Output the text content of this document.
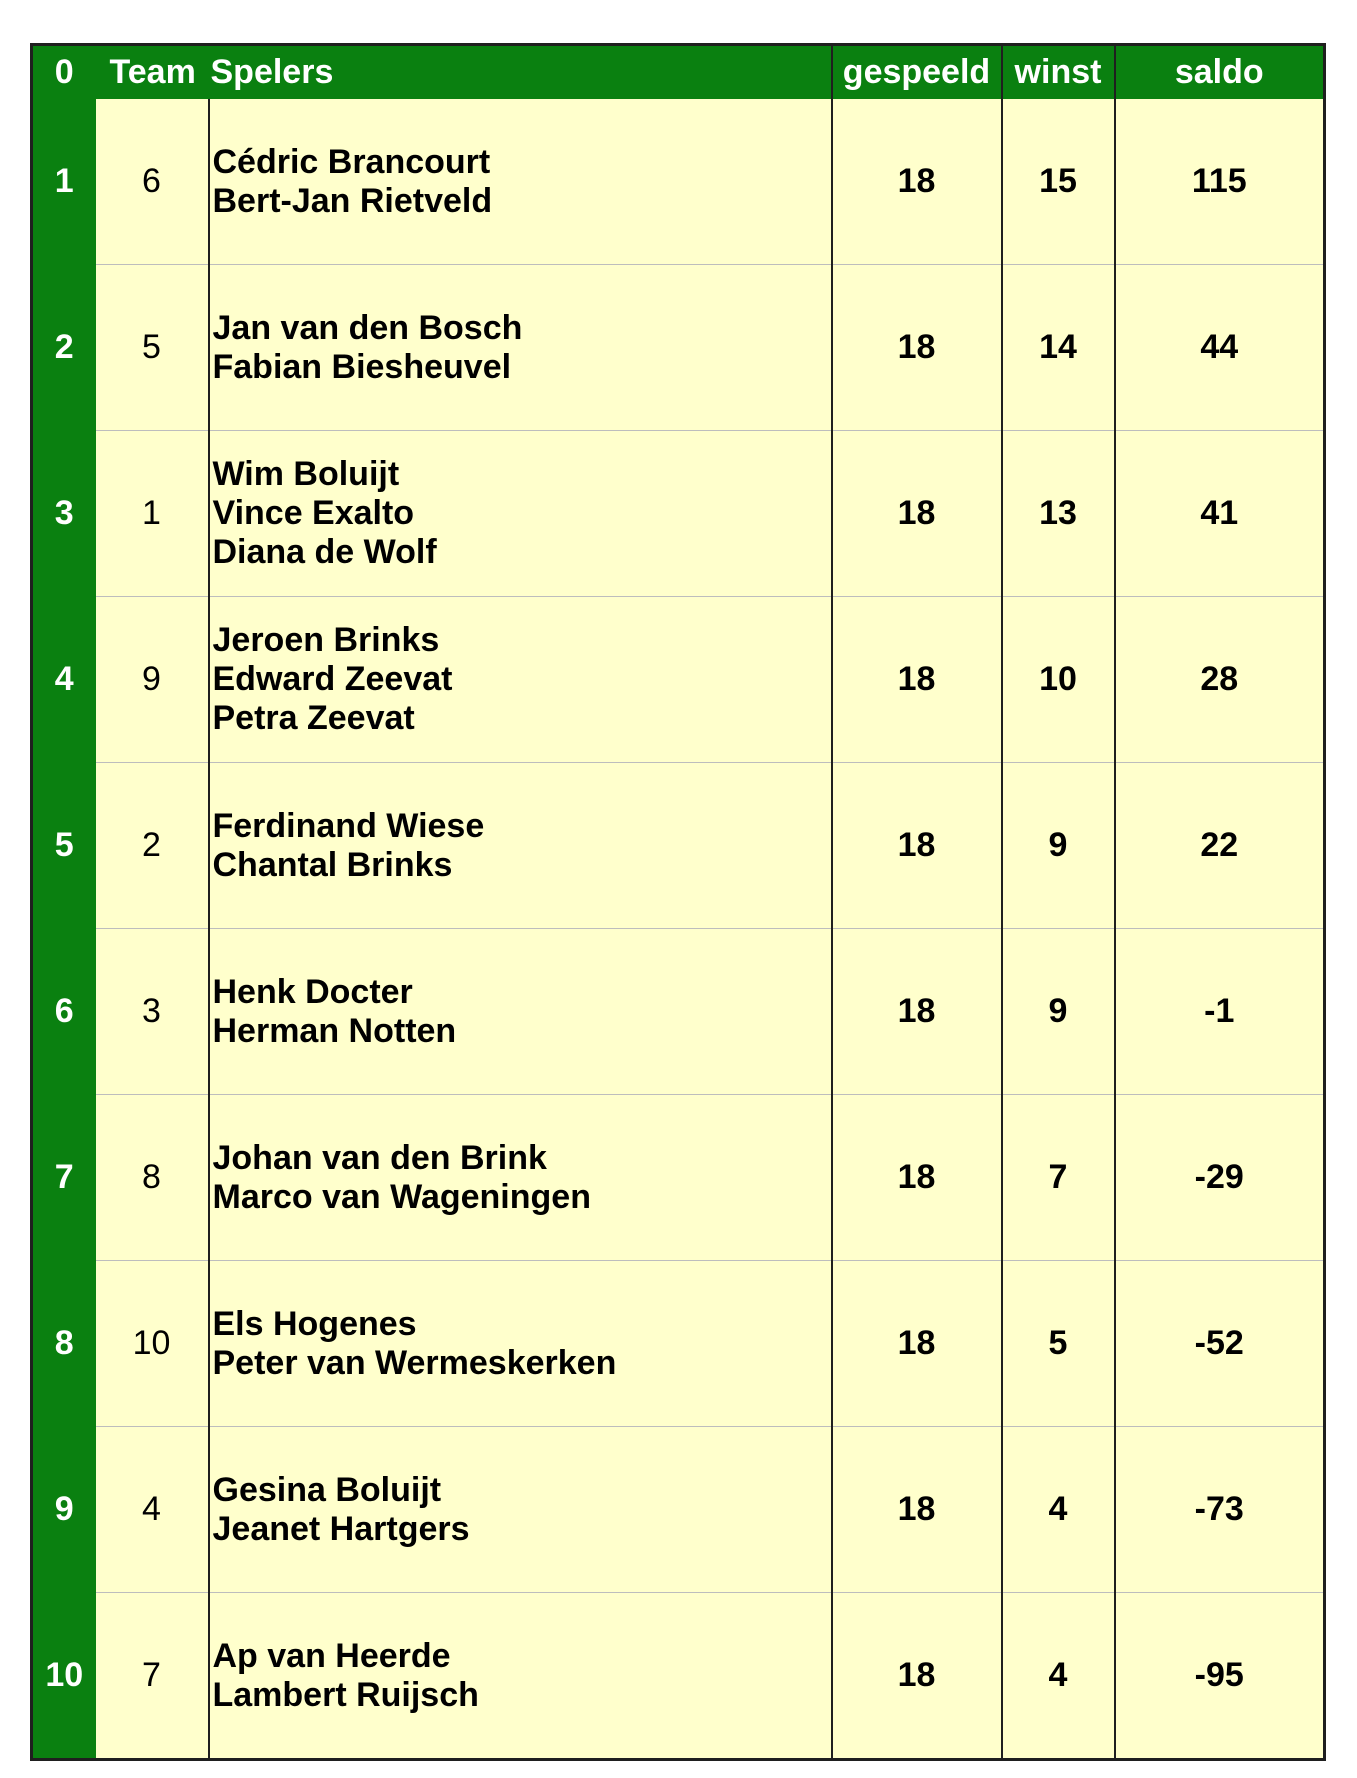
0	Team	Spelers	gespeeld	winst	saldo
1	6	Cédric Brancourt
Bert-Jan Rietveld	18	15	115
2	5	Jan van den Bosch
Fabian Biesheuvel	18	14	44
3	1	Wim Boluijt
Vince Exalto
Diana de Wolf	18	13	41
4	9	Jeroen Brinks
Edward Zeevat
Petra Zeevat	18	10	28
5	2	Ferdinand Wiese
Chantal Brinks	18	9	22
6	3	Henk Docter
Herman Notten	18	9	-1
7	8	Johan van den Brink
Marco van Wageningen	18	7	-29
8	10	Els Hogenes
Peter van Wermeskerken	18	5	-52
9	4	Gesina Boluijt
Jeanet Hartgers	18	4	-73
10	7	Ap van Heerde
Lambert Ruijsch	18	4	-95
